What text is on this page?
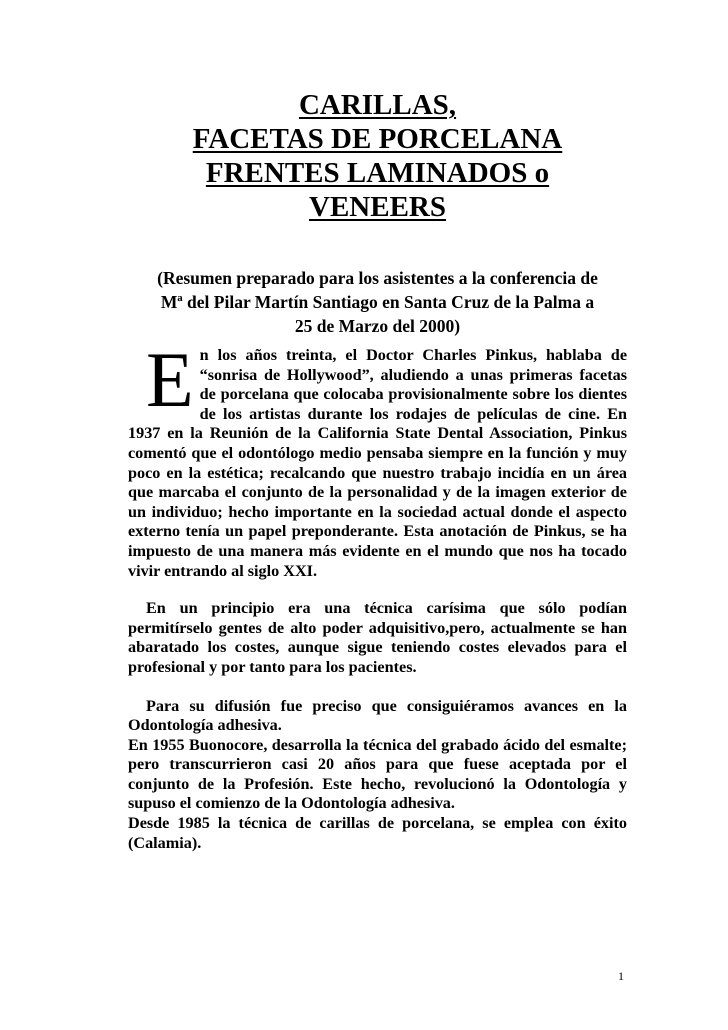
CARILLAS,
FACETAS DE PORCELANA
FRENTES LAMINADOS o
VENEERS
(Resumen preparado para los asistentes a la conferencia de
Mª del Pilar Martín Santiago en Santa Cruz de la Palma a
25 de Marzo del 2000)
En los años treinta, el Doctor Charles Pinkus, hablaba de “sonrisa de Hollywood”, aludiendo a unas primeras facetas de porcelana que colocaba provisionalmente sobre los dientes de los artistas durante los rodajes de películas de cine. En 1937 en la Reunión de la California State Dental Association, Pinkus comentó que el odontólogo medio pensaba siempre en la función y muy poco en la estética; recalcando que nuestro trabajo incidía en un área que marcaba el conjunto de la personalidad y de la imagen exterior de un individuo; hecho importante en la sociedad actual donde el aspecto externo tenía un papel preponderante. Esta anotación de Pinkus, se ha impuesto de una manera más evidente en el mundo que nos ha tocado vivir entrando al siglo XXI.
En un principio era una técnica carísima que sólo podían permitírselo gentes de alto poder adquisitivo,pero, actualmente se han abaratado los costes, aunque sigue teniendo costes elevados para el profesional y por tanto para los pacientes.
Para su difusión fue preciso que consiguiéramos avances en la Odontología adhesiva.
En 1955 Buonocore, desarrolla la técnica del grabado ácido del esmalte; pero transcurrieron casi 20 años para que fuese aceptada por el conjunto de la Profesión. Este hecho, revolucionó la Odontología y supuso el comienzo de la Odontología adhesiva.
Desde 1985 la técnica de carillas de porcelana, se emplea con éxito (Calamia).
1
